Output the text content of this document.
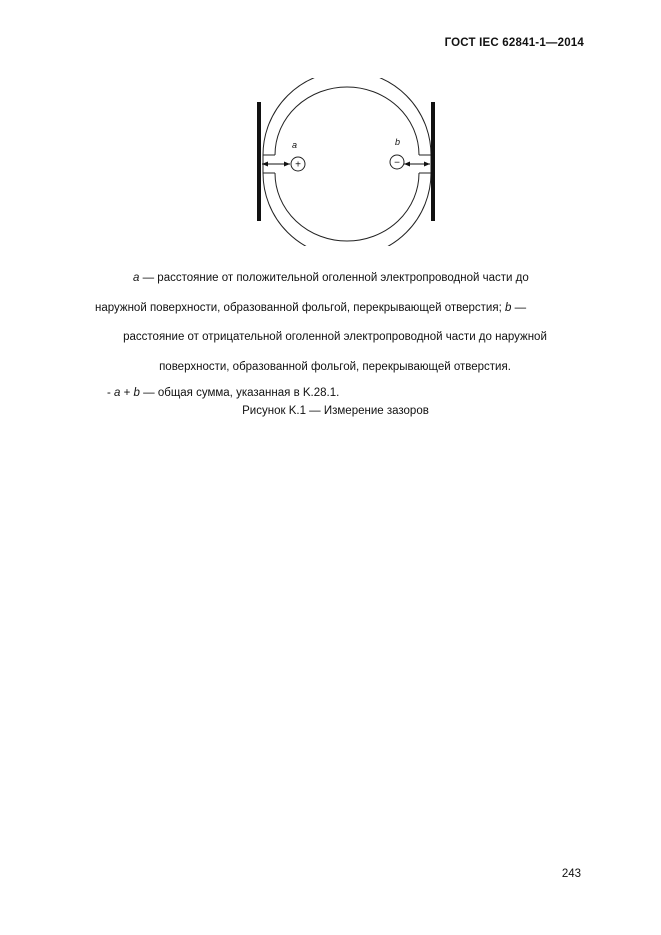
ГОСТ IEC 62841-1—2014
+	−
a	b

a — расстояние от положительной оголенной электропроводной части до

наружной поверхности, образованной фольгой, перекрывающей отверстия; b —

расстояние от отрицательной оголенной электропроводной части до наружной

поверхности, образованной фольгой, перекрывающей отверстия.

- a + b — общая сумма, указанная в K.28.1.

Рисунок K.1 — Измерение зазоров
243
